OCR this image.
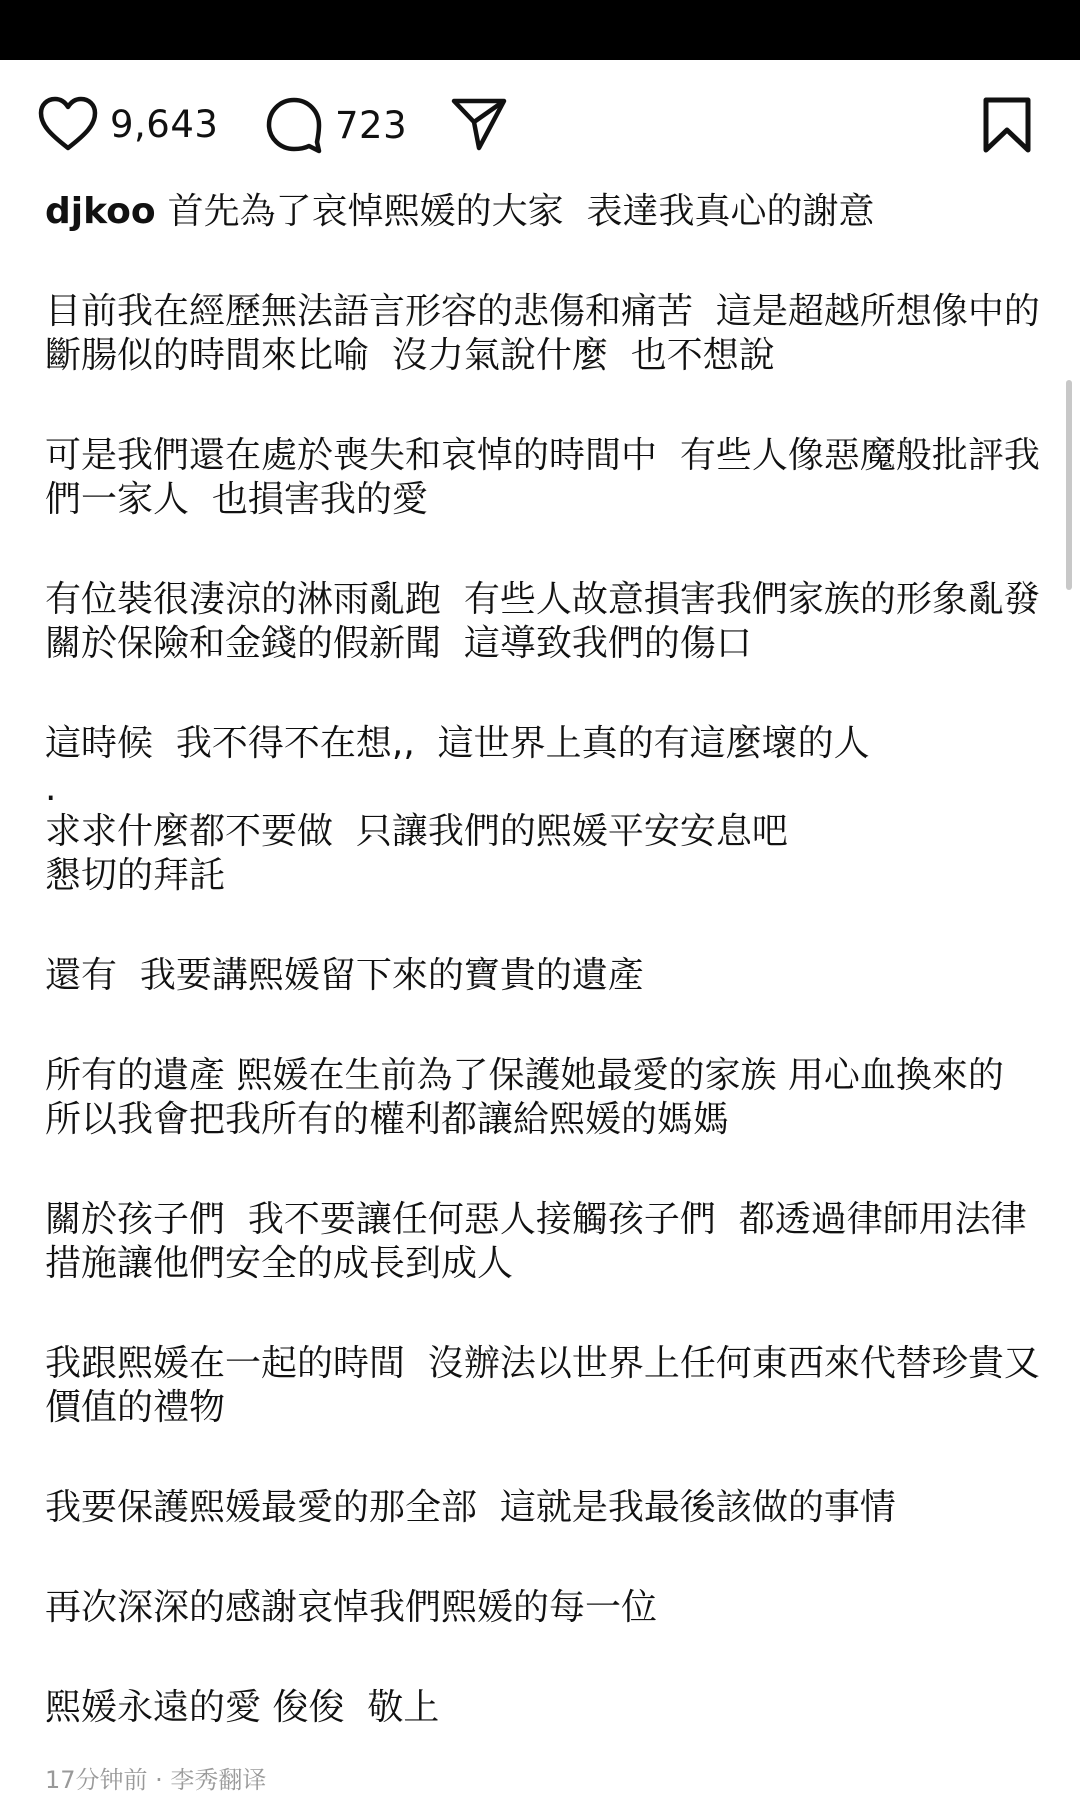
9,643	723

djkoo 首先為了哀悼熙媛的大家  表達我真心的謝意

目前我在經歷無法語言形容的悲傷和痛苦  這是超越所想像中的斷腸似的時間來比喻  沒力氣說什麼  也不想說

可是我們還在處於喪失和哀悼的時間中  有些人像惡魔般批評我們一家人  也損害我的愛

有位裝很淒涼的淋雨亂跑  有些人故意損害我們家族的形象亂發關於保險和金錢的假新聞  這導致我們的傷口

這時候  我不得不在想,,  這世界上真的有這麼壞的人

.

求求什麼都不要做  只讓我們的熙媛平安安息吧
懇切的拜託

還有  我要講熙媛留下來的寶貴的遺產

所有的遺產 熙媛在生前為了保護她最愛的家族 用心血換來的  所以我會把我所有的權利都讓給熙媛的媽媽

關於孩子們  我不要讓任何惡人接觸孩子們  都透過律師用法律措施讓他們安全的成長到成人

我跟熙媛在一起的時間  沒辦法以世界上任何東西來代替珍貴又價值的禮物

我要保護熙媛最愛的那全部  這就是我最後該做的事情

再次深深的感謝哀悼我們熙媛的每一位

熙媛永遠的愛 俊俊  敬上

17分钟前 · 李秀翻译
